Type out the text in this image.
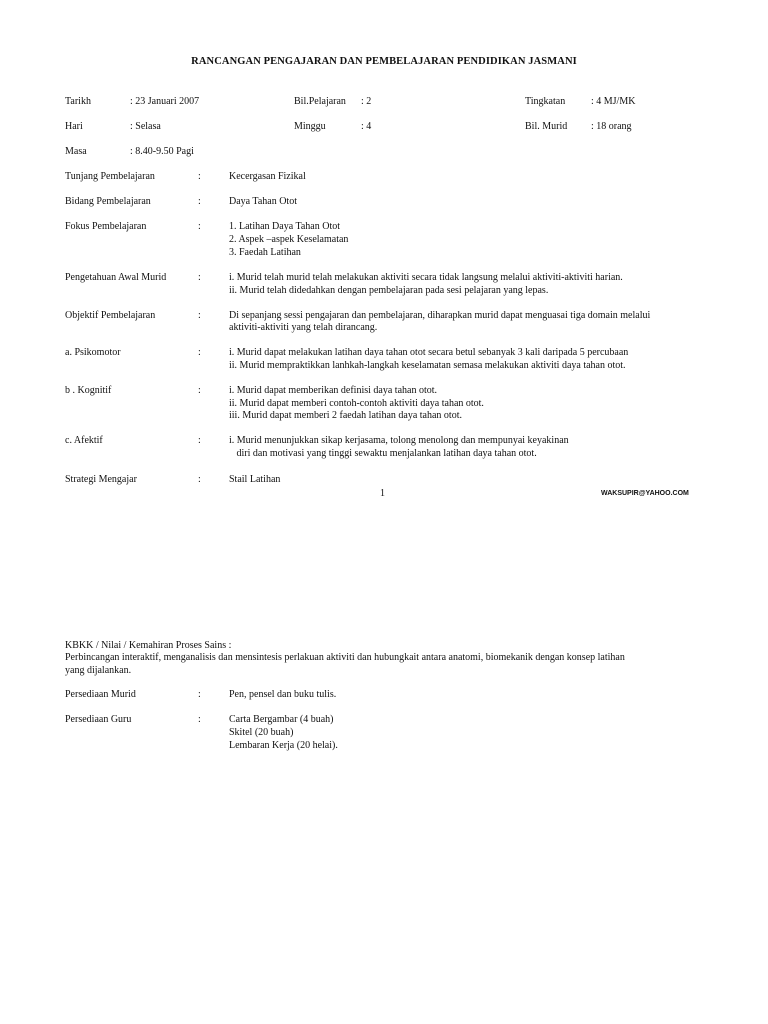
RANCANGAN PENGAJARAN DAN PEMBELAJARAN PENDIDIKAN JASMANI
Tarikh	: 23 Januari 2007	Bil.Pelajaran : 2	Tingkatan	: 4 MJ/MK
Hari	: Selasa	Minggu	: 4	Bil. Murid : 18 orang
Masa	: 8.40-9.50 Pagi
Tunjang Pembelajaran	:	Kecergasan Fizikal
Bidang Pembelajaran	:	Daya Tahan Otot
Fokus Pembelajaran	:	1. Latihan Daya Tahan Otot
2. Aspek –aspek Keselamatan
3. Faedah Latihan
Pengetahuan Awal Murid	:	i. Murid telah murid telah melakukan aktiviti secara tidak langsung melalui aktiviti-aktiviti harian.
ii. Murid telah didedahkan dengan pembelajaran pada sesi pelajaran yang lepas.
Objektif Pembelajaran	:	Di sepanjang sessi pengajaran dan pembelajaran, diharapkan murid dapat menguasai tiga domain melalui
aktiviti-aktiviti yang telah dirancang.
a. Psikomotor	:	i. Murid dapat melakukan latihan daya tahan otot secara betul sebanyak 3 kali daripada 5 percubaan
ii. Murid mempraktikkan lanhkah-langkah keselamatan semasa melakukan aktiviti daya tahan otot.
b . Kognitif	:	i. Murid dapat memberikan definisi daya tahan otot.
ii. Murid dapat memberi contoh-contoh aktiviti daya tahan otot.
iii. Murid dapat memberi 2 faedah latihan daya tahan otot.
c. Afektif	:	i. Murid menunjukkan sikap kerjasama, tolong menolong dan mempunyai keyakinan
diri dan motivasi yang tinggi sewaktu menjalankan latihan daya tahan otot.
Strategi Mengajar	:	Stail Latihan
1	WAKSUPIR@YAHOO.COM
KBKK / Nilai / Kemahiran Proses Sains :
Perbincangan interaktif, menganalisis dan mensintesis perlakuan aktiviti dan hubungkait antara anatomi, biomekanik dengan konsep latihan
yang dijalankan.
Persediaan Murid	:	Pen, pensel dan buku tulis.
Persediaan Guru	:	Carta Bergambar (4 buah)
Skitel (20 buah)
Lembaran Kerja (20 helai).
